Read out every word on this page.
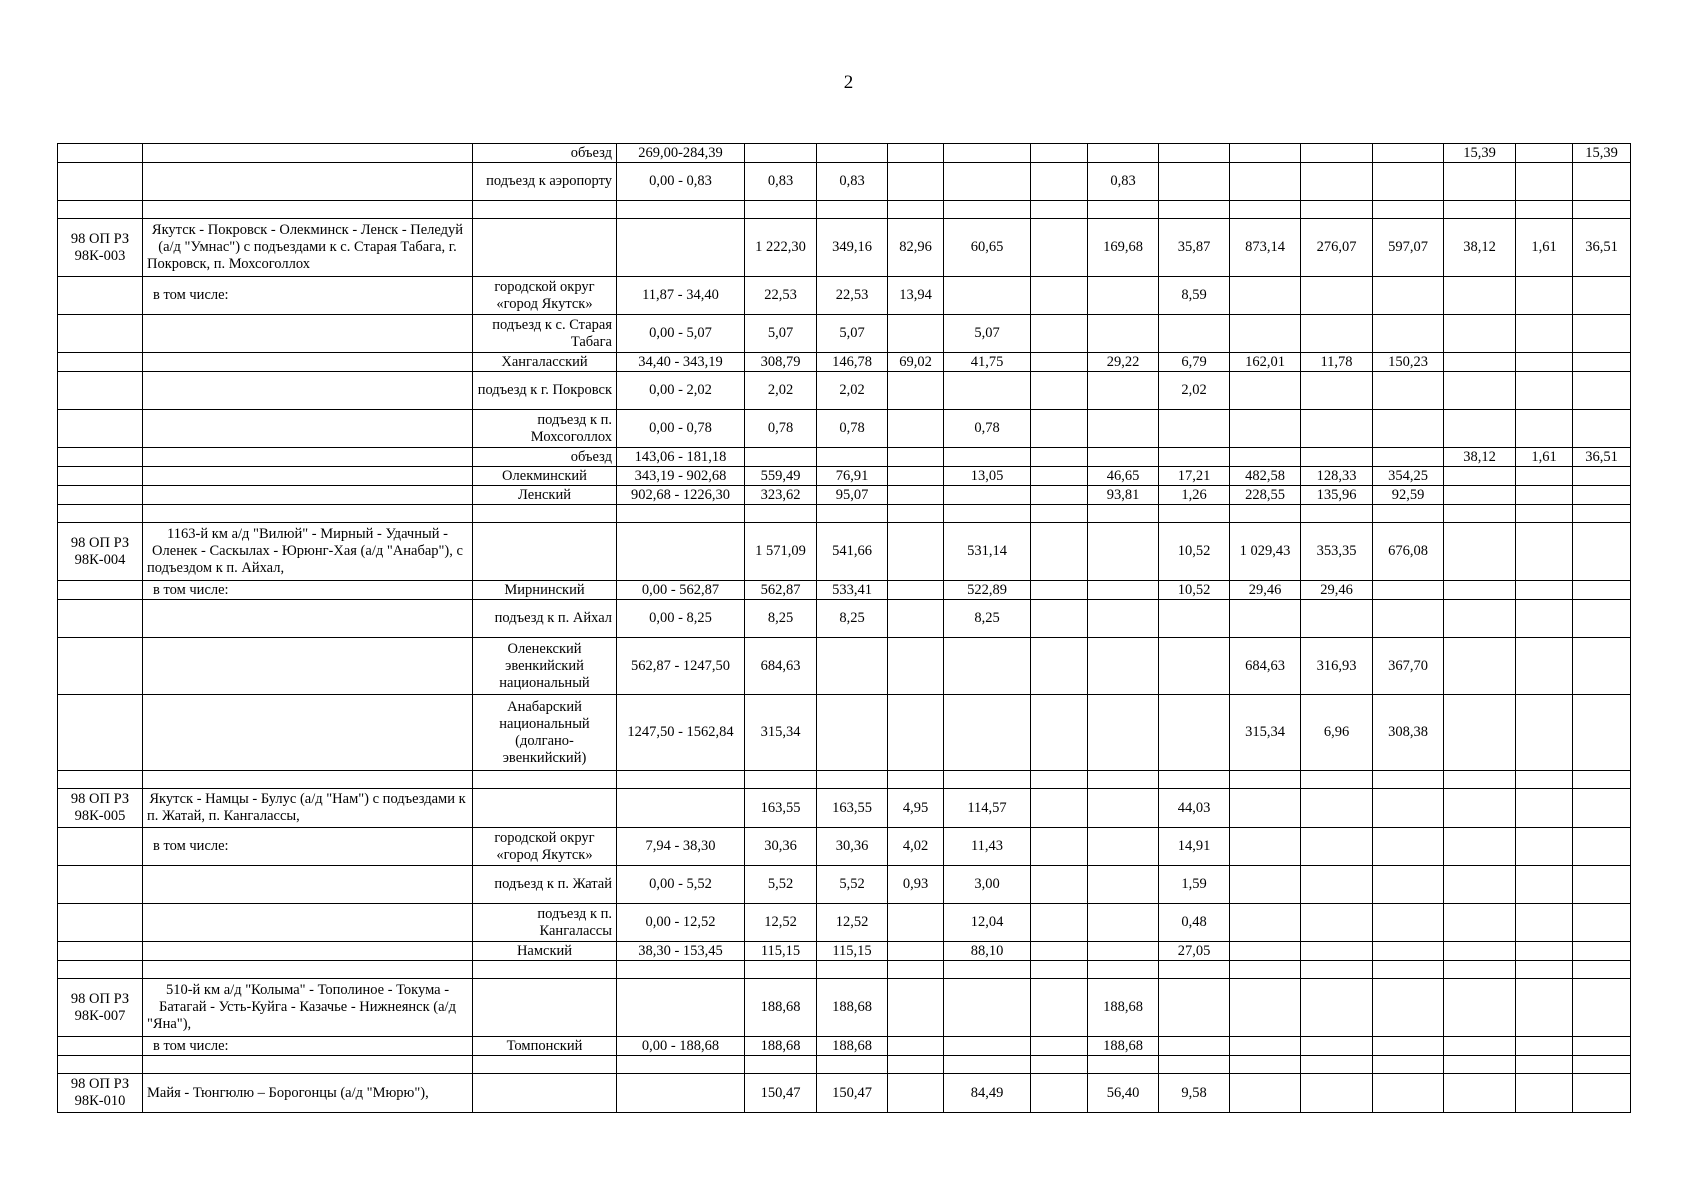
2
		объезд	269,00-284,39											15,39		15,39
		подъезд к аэропорту	0,00 - 0,83	0,83	0,83				0,83							

98 ОП РЗ 98К-003	Якутск - Покровск - Олекминск - Ленск - Пеледуй (а/д "Умнас") с подъездами к с. Старая Табага, г. Покровск, п. Мохсоголлох			1 222,30	349,16	82,96	60,65		169,68	35,87	873,14	276,07	597,07	38,12	1,61	36,51
	в том числе:	городской округ «город Якутск»	11,87 - 34,40	22,53	22,53	13,94				8,59						
		подъезд к с. Старая Табага	0,00 - 5,07	5,07	5,07		5,07									
		Хангаласский	34,40 - 343,19	308,79	146,78	69,02	41,75		29,22	6,79	162,01	11,78	150,23			
		подъезд к г. Покровск	0,00 - 2,02	2,02	2,02					2,02						
		подъезд к п. Мохсоголлох	0,00 - 0,78	0,78	0,78		0,78									
		объезд	143,06 - 181,18											38,12	1,61	36,51
		Олекминский	343,19 - 902,68	559,49	76,91		13,05		46,65	17,21	482,58	128,33	354,25			
		Ленский	902,68 - 1226,30	323,62	95,07				93,81	1,26	228,55	135,96	92,59			

98 ОП РЗ 98К-004	1163-й км а/д "Вилюй" - Мирный - Удачный - Оленек - Саскылах - Юрюнг-Хая (а/д "Анабар"), с подъездом к п. Айхал,			1 571,09	541,66		531,14			10,52	1 029,43	353,35	676,08			
	в том числе:	Мирнинский	0,00 - 562,87	562,87	533,41		522,89			10,52	29,46	29,46				
		подъезд к п. Айхал	0,00 - 8,25	8,25	8,25		8,25									
		Оленекский эвенкийский национальный	562,87 - 1247,50	684,63							684,63	316,93	367,70			
		Анабарский национальный (долгано-эвенкийский)	1247,50 - 1562,84	315,34							315,34	6,96	308,38			

98 ОП РЗ 98К-005	Якутск - Намцы - Булус (а/д "Нам") с подъездами к п. Жатай, п. Кангалассы,			163,55	163,55	4,95	114,57			44,03						
	в том числе:	городской округ «город Якутск»	7,94 - 38,30	30,36	30,36	4,02	11,43			14,91						
		подъезд к п. Жатай	0,00 - 5,52	5,52	5,52	0,93	3,00			1,59						
		подъезд к п. Кангалассы	0,00 - 12,52	12,52	12,52		12,04			0,48						
		Намский	38,30 - 153,45	115,15	115,15		88,10			27,05						

98 ОП РЗ 98К-007	510-й км а/д "Колыма" - Тополиное - Токума - Батагай - Усть-Куйга - Казачье - Нижнеянск (а/д "Яна"),			188,68	188,68				188,68							
	в том числе:	Томпонский	0,00 - 188,68	188,68	188,68				188,68							

98 ОП РЗ 98К-010	Майя - Тюнгюлю – Борогонцы (а/д "Мюрю"),			150,47	150,47		84,49		56,40	9,58						
